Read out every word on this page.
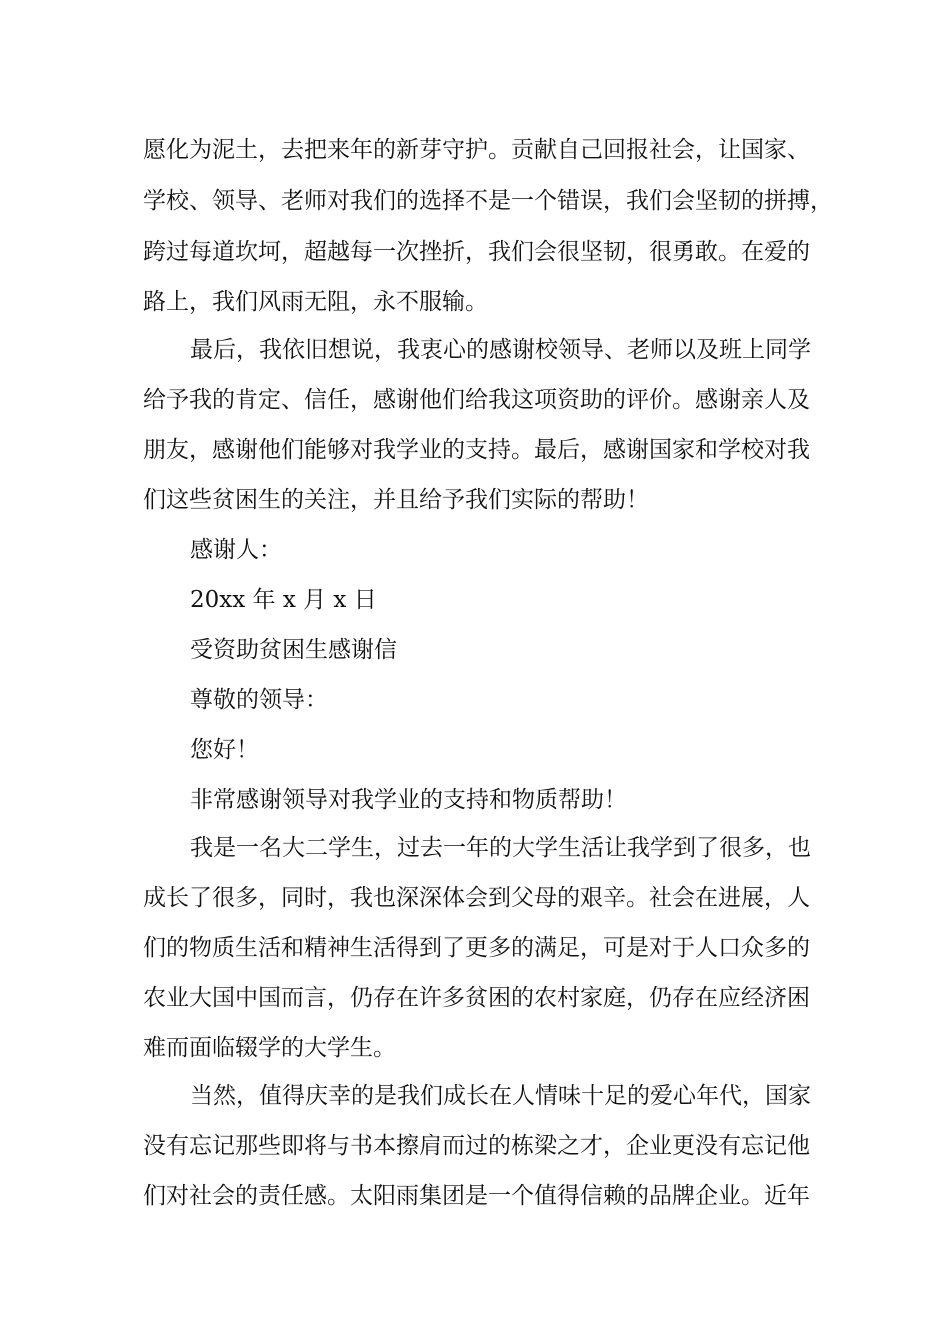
愿化为泥土，去把来年的新芽守护。贡献自己回报社会，让国家、

学校、领导、老师对我们的选择不是一个错误，我们会坚韧的拼搏，

跨过每道坎坷，超越每一次挫折，我们会很坚韧，很勇敢。在爱的

路上，我们风雨无阻，永不服输。

最后，我依旧想说，我衷心的感谢校领导、老师以及班上同学

给予我的肯定、信任，感谢他们给我这项资助的评价。感谢亲人及

朋友，感谢他们能够对我学业的支持。最后，感谢国家和学校对我

们这些贫困生的关注，并且给予我们实际的帮助！

感谢人：

20xx 年 x 月 x 日

受资助贫困生感谢信

尊敬的领导：

您好！

非常感谢领导对我学业的支持和物质帮助！

我是一名大二学生，过去一年的大学生活让我学到了很多，也

成长了很多，同时，我也深深体会到父母的艰辛。社会在进展，人

们的物质生活和精神生活得到了更多的满足，可是对于人口众多的

农业大国中国而言，仍存在许多贫困的农村家庭，仍存在应经济困

难而面临辍学的大学生。

当然，值得庆幸的是我们成长在人情味十足的爱心年代，国家

没有忘记那些即将与书本擦肩而过的栋梁之才，企业更没有忘记他

们对社会的责任感。太阳雨集团是一个值得信赖的品牌企业。近年
